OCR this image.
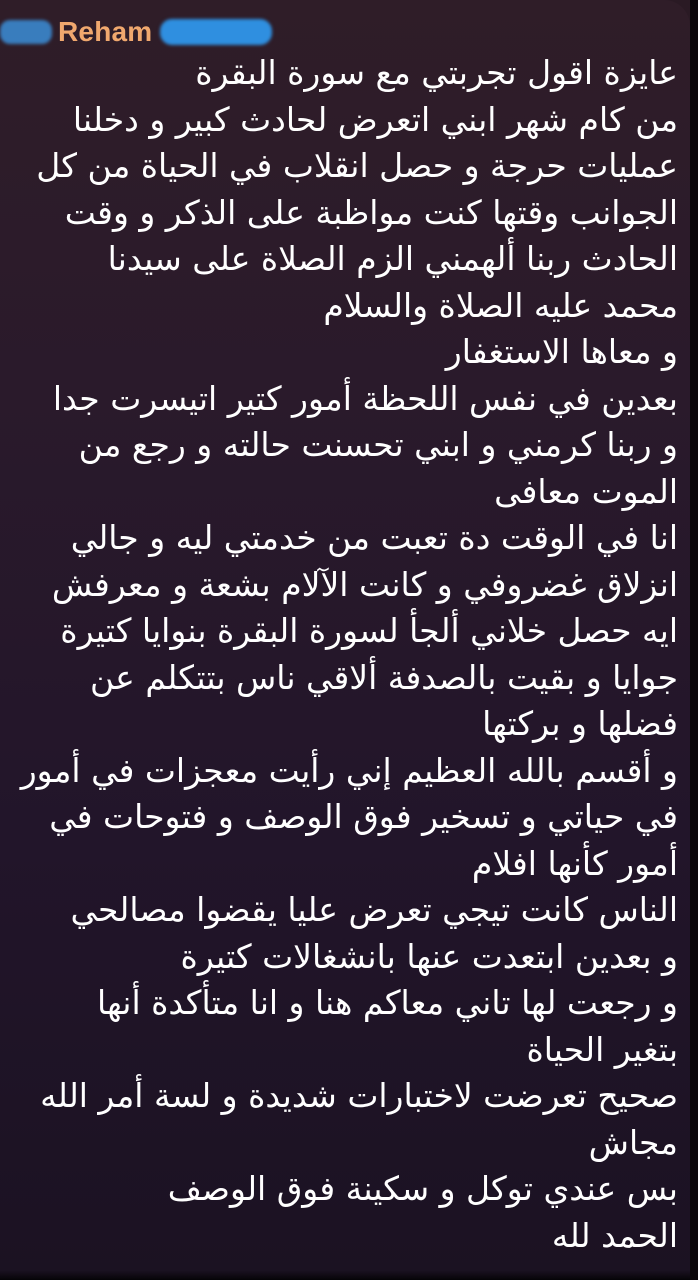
Reham
عايزة اقول تجربتي مع سورة البقرة
من كام شهر ابني اتعرض لحادث كبير و دخلنا
عمليات حرجة و حصل انقلاب في الحياة من كل
الجوانب وقتها كنت مواظبة على الذكر و وقت
الحادث ربنا ألهمني الزم الصلاة على سيدنا
محمد عليه الصلاة والسلام
و معاها الاستغفار
بعدين في نفس اللحظة أمور كتير اتيسرت جدا
و ربنا كرمني و ابني تحسنت حالته و رجع من
الموت معافى
انا في الوقت دة تعبت من خدمتي ليه و جالي
انزلاق غضروفي و كانت الآلام بشعة و معرفش
ايه حصل خلاني ألجأ لسورة البقرة بنوايا كتيرة
جوايا و بقيت بالصدفة ألاقي ناس بتتكلم عن
فضلها و بركتها
و أقسم بالله العظيم إني رأيت معجزات في أمور
في حياتي و تسخير فوق الوصف و فتوحات في
أمور كأنها افلام
الناس كانت تيجي تعرض عليا يقضوا مصالحي
و بعدين ابتعدت عنها بانشغالات كتيرة
و رجعت لها تاني معاكم هنا و انا متأكدة أنها
بتغير الحياة
صحيح تعرضت لاختبارات شديدة و لسة أمر الله
مجاش
بس عندي توكل و سكينة فوق الوصف
الحمد لله
